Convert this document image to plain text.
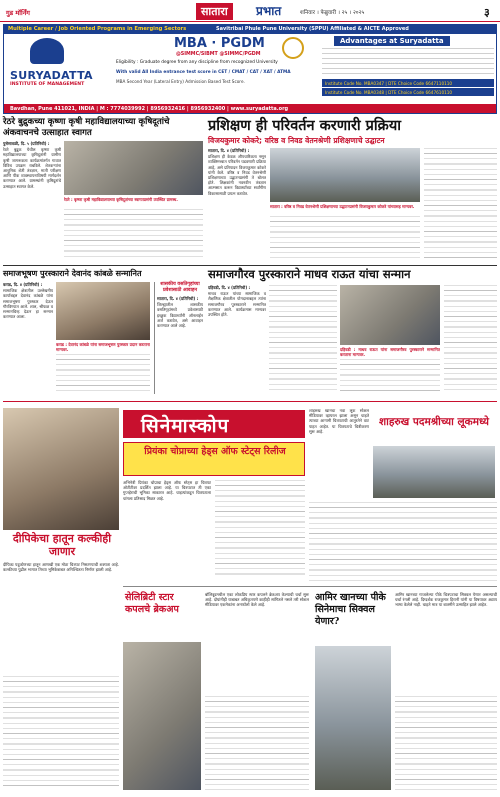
गुड मॉर्निंग	सातारा	प्रभात	शनिवार । फेब्रुवारी । २५ । २०२५	३
Multiple Career / Job Oriented Programs in Emerging Sectors	Savitribai Phule Pune University (SPPU) Affiliated & AICTE Approved
SURYADATTA
INSTITUTE OF MANAGEMENT
MBA · PGDM
@SIMMC/SIBMT @SIMMC/PGDM
Eligibility : Graduate degree from any discipline from recognized University
With valid All India entrance test score in CET / CMAT / CAT / XAT / ATMA
MBA Second Year (Lateral Entry) Admission Based Test Score.
Advantages at Suryadatta
Institute Code No. MBA0347 | DTE Choice Code 6647110110
Institute Code No. MBA0348 | DTE Choice Code 6647610110
Bavdhan, Pune 411021, INDIA | M : 7774039992 | 8956932416 | 8956932400 | www.suryadatta.org
रेठरे बुद्रुकच्या कृष्णा कृषी महाविद्यालयाच्या कृषिदूतांचे अंकवाचनचे उत्साहात स्वागत

पुसेसावळी, दि. ५ (प्रतिनिधी) :

रेठरे बुद्रुक येथील कृष्णा कृषी महाविद्यालयाच्या कृषिदूतांनी ग्रामीण कृषी जागरूकता कार्यक्रमांतर्गत गावात विविध उपक्रम राबविले. शेतकऱ्यांना आधुनिक शेती तंत्रज्ञान, माती परीक्षण आणि पीक व्यवस्थापनाविषयी मार्गदर्शन करण्यात आले. ग्रामस्थांनी कृषिदूतांचे उत्साहात स्वागत केले.

रेठरे : कृष्णा कृषी महाविद्यालयाच्या कृषिदूतांच्या स्वागतप्रसंगी उपस्थित ग्रामस्थ.
प्रशिक्षण ही परिवर्तन करणारी प्रक्रिया
विजयकुमार कोकरे; वरिष्ठ व निवड वेतनश्रेणी प्रशिक्षणाचे उद्घाटन

सातारा, दि. ४ (प्रतिनिधी) :

प्रशिक्षण ही केवळ औपचारिकता नसून व्यक्तिमत्त्वात परिवर्तन घडवणारी प्रक्रिया आहे, असे प्रतिपादन विजयकुमार कोकरे यांनी केले. वरिष्ठ व निवड वेतनश्रेणी प्रशिक्षणाच्या उद्घाटनप्रसंगी ते बोलत होते. शिक्षकांनी नवनवीन तंत्रज्ञान आत्मसात करून विद्यार्थ्यांच्या सर्वांगीण विकासासाठी प्रयत्न करावेत.

सातारा : वरिष्ठ व निवड वेतनश्रेणी प्रशिक्षणाच्या उद्घाटनप्रसंगी विजयकुमार कोकरे यांच्यासह मान्यवर.
समाजभूषण पुरस्काराने देवानंद कांबळे सन्मानित

कराड, दि. ४ (प्रतिनिधी) :

सामाजिक क्षेत्रातील उल्लेखनीय कार्याबद्दल देवानंद कांबळे यांना समाजभूषण पुरस्कार देऊन गौरविण्यात आले. शाल, श्रीफळ व सन्मानचिन्ह देऊन हा सन्मान करण्यात आला.

कराड : देवानंद कांबळे यांना समाजभूषण पुरस्कार प्रदान करताना मान्यवर.
शासकीय वसतिगृहांच्या प्रवेशासाठी आवाहन

सातारा, दि. ४ (प्रतिनिधी) :

जिल्ह्यातील शासकीय वसतिगृहांमध्ये प्रवेशासाठी इच्छुक विद्यार्थ्यांनी ऑनलाईन अर्ज करावेत, असे आवाहन करण्यात आले आहे.

समाजगौरव पुरस्काराने माधव राऊत यांचा सन्मान

दहिवडी, दि. ४ (प्रतिनिधी) :

माधव राऊत यांच्या सामाजिक व शैक्षणिक क्षेत्रातील योगदानाबद्दल त्यांना समाजगौरव पुरस्काराने सन्मानित करण्यात आले. कार्यक्रमास मान्यवर उपस्थित होते.

दहिवडी : माधव राऊत यांना समाजगौरव पुरस्काराने सन्मानित करताना मान्यवर.
सिनेमास्कोप
दीपिकेचा हातून कल्कीही जाणार
दीपिका पदुकोणच्या हातून आणखी एक मोठा चित्रपट निसटण्याची शक्यता आहे. कल्कीच्या पुढील भागात तिच्या भूमिकेबाबत अनिश्चितता निर्माण झाली आहे.
प्रियंका चोप्राच्या हेड्स ऑफ स्टेट्स रिलीज
अभिनेत्री प्रियंका चोप्राचा हेड्स ऑफ स्टेट्स हा चित्रपट ओटीटीवर प्रदर्शित झाला आहे. या चित्रपटात ती एका गुप्तहेराची भूमिका साकारत आहे. चाहत्यांकडून चित्रपटाला चांगला प्रतिसाद मिळत आहे.
शाहरुख खानचा नवा लूक सोशल मीडियावर व्हायरल झाला असून चाहते त्याच्या आगामी चित्रपटाची आतुरतेने वाट पाहत आहेत. या चित्रपटाचे चित्रीकरण सुरू आहे.
शाहरुख पदमश्रीच्या लूकमध्ये
सेलिब्रिटी स्टार कपलचे ब्रेकअप
बॉलिवूडमधील एका लोकप्रिय स्टार कपलने ब्रेकअप केल्याची चर्चा सुरू आहे. दोघांनीही याबाबत अधिकृतपणे काहीही सांगितले नसले तरी सोशल मीडियावर एकमेकांना अनफॉलो केले आहे.
आमिर खानच्या पीके सिनेमाचा सिक्वल येणार?
आमिर खानच्या गाजलेल्या पीके चित्रपटाचा सिक्वल येणार असल्याची चर्चा रंगली आहे. दिग्दर्शक राजकुमार हिरानी यांनी या विषयावर अद्याप भाष्य केलेले नाही. चाहते मात्र या बातमीने उत्साहित झाले आहेत.
